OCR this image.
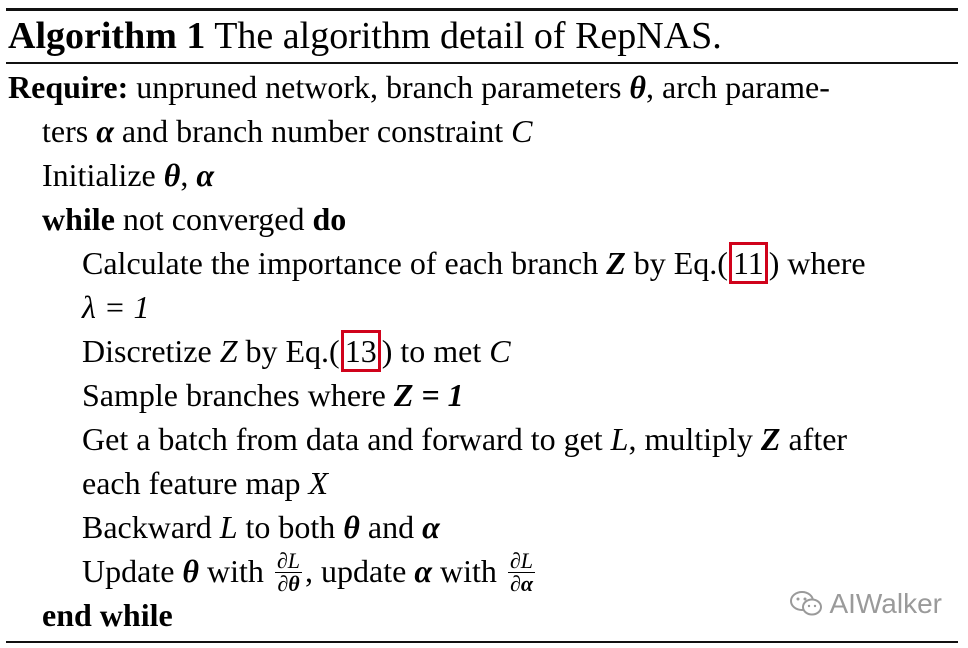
Algorithm 1 The algorithm detail of RepNAS.
Require: unpruned network, branch parameters θ, arch parame-
ters α and branch number constraint C
Initialize θ, α
while not converged do
Calculate the importance of each branch Z by Eq.( 11 ) where
λ = 1
Discretize Z by Eq.( 13 ) to met C
Sample branches where Z = 1
Get a batch from data and forward to get L, multiply Z after
each feature map X
Backward L to both θ and α
Update θ with $\frac{\partial L}{\partial\theta}$ , update α with $\frac{\partial L}{\partial\alpha}$
end while	AIWalker
